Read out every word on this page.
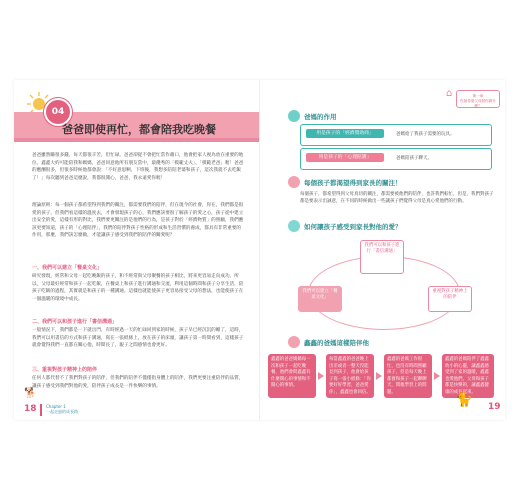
04
爸爸即使再忙，都會陪我吃晚餐
爸爸雖然賺很多錢，每天都很辛苦，但忙碌，爸爸卻從不會把忙當作藉口，他會把家人視為放在重要的地位。鑫鑫大約可能陪我和媽媽，爸爸同意他所有朋友當中，最優秀的「模範丈夫」、「模範老爸」喔！爸爸的應酬很多，但很多時候他都會說：「不好意思啊，下班後，我想多陪陪老婆和孩子，這次我就不去吃飯了！」每次聽到爸爸這麼說，我都很開心，爸爸，我永遠愛你喔！
理論原則：每一個孩子都希望得到我們的關注，都需要我們的陪伴，但在現今的社會，你在，我們都是很愛的孩子，但我們看這樣的溫度去，才會發現孩子的心，我們應該要很了解孩子的愛之心，孩子從中建立出安全的愛，這樣有形的對比，我們要更關注的是他們的行為，是孩子對於「經濟物質」的照顧，我們應該更要知道，孩子的「心理陪伴」，我們的陪伴對孩子性格的形成和生活習慣的養成，都具有非常重要的作用，那麼，我們該怎麼做，才能讓孩子感受到我們的陪伴的關愛呢？
一、我們可以建立「餐桌文化」
研究發現，經常和父母一起吃晚飯的孩子，和不經常與父母聚餐的孩子相比，將來更容易走向成功。所以，父母最好經常和孩子一起吃飯，在餐桌上和孩子進行溝通和交流，利用這個時間和孩子分享生活，陪孩子吃飯的過程，其實就是和孩子的一種溝通。這樣也就能使孩子更容易接受父母的想法，也能使孩子在一個溫暖的環境中成長。
二、我們可以和孩子進行「書信溝通」
一般情況下，我們都是一下就出門，有時經過一天的忙碌回到家的時候，孩子早已經沉沉的睡了，這時，我們可以用書信的方式和孩子溝通，寫在一張紙條上，放在孩子的床頭，讓孩子第一時間看到，這樣孩子就會覺得我們一直都在關心他，時間長了，親子之間感情也會更好。
三、重視對孩子精神上的陪伴
任何人都代替不了我們對孩子的陪伴，但我們的陪伴不僅僅指身體上的陪伴，我們更要注重陪伴的品質，讓孩子感受到我們對他的愛，陪伴孩子成長是一件快樂的事情。
🐕
18 Chapter 1
一起走過的成長路
⌂	第一章
你最希望父母陪你做什麼？
爸媽的作用
用是孩子的「經濟贊助商」	爸媽給了我孩子需要的玩具。
用是孩子的「心理陪護」	爸媽陪孩子聊天。
每個孩子都渴望得到家長的關注！
每個孩子，都希望得到父母真切的關注，都需要被他們的陪伴，也許我們較忙，但是，我們對孩子都是要表示出誠意，在不同的時候做出一些讓孩子們覺得父母是真心愛他們的行動。
如何讓孩子感受到家長對他的愛？
我們可以和孩子進行「書信溝通」
我們可以建立「餐桌文化」
重視對孩子精神上的陪伴
鑫鑫的爸媽這樣陪伴他
鑫鑫的爸爸媽媽每一次和孩子一起吃晚餐，他們會問鑫鑫有什麼開心的事情和不開心的事情。
每當鑫鑫的爸爸晚上出差或者一整天沒能見到孩子，他會給孩子寫一張小紙條：「你要好好學習，爸爸愛你」，鑫鑫也會回信。
鑫鑫的爸媽工作很忙，也沒有時間照顧孩子，但是每天晚上都會和孩子一起聊聊天，問他學習上的問題。
鑫鑫的爸媽陪伴了鑫鑫幼小的心靈，讓鑫鑫感受到了家的溫暖，鑫鑫也愛他們，父母和孩子都是快樂的，讓鑫鑫健康的成長起來。
🐈 19
